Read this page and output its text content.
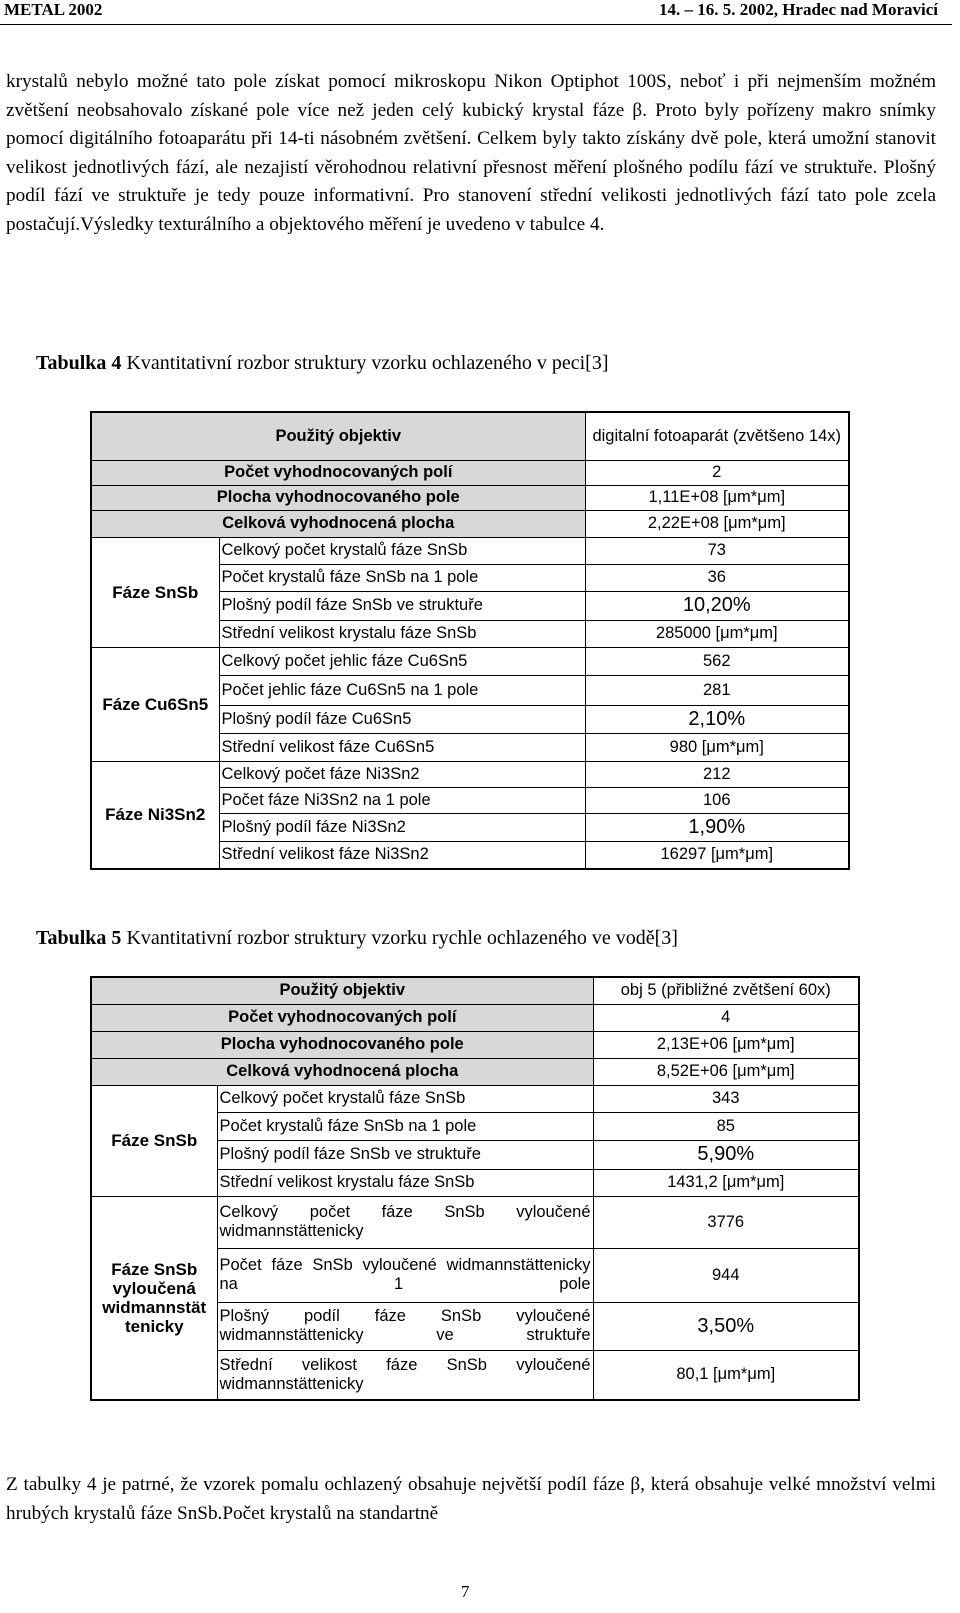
METAL 2002	14. – 16. 5. 2002, Hradec nad Moravicí

krystalů nebylo možné tato pole získat pomocí mikroskopu Nikon Optiphot 100S, neboť i při nejmenším možném zvětšení neobsahovalo získané pole více než jeden celý kubický krystal fáze β. Proto byly pořízeny makro snímky pomocí digitálního fotoaparátu při 14-ti násobném zvětšení. Celkem byly takto získány dvě pole, která umožní stanovit velikost jednotlivých fází, ale nezajistí věrohodnou relativní přesnost měření plošného podílu fází ve struktuře. Plošný podíl fází ve struktuře je tedy pouze informativní. Pro stanovení střední velikosti jednotlivých fází tato pole zcela postačují.Výsledky texturálního a objektového měření je uvedeno v tabulce 4.

Tabulka 4 Kvantitativní rozbor struktury vzorku ochlazeného v peci[3]
Použitý objektiv		digitalní fotoaparát (zvětšeno 14x)
Počet vyhodnocovaných polí		2
Plocha vyhodnocovaného pole		1,11E+08 [μm*μm]
Celková vyhodnocená plocha		2,22E+08 [μm*μm]
Fáze SnSb	Celkový počet krystalů fáze SnSb	73
	Počet krystalů fáze SnSb na 1 pole	36
	Plošný podíl fáze SnSb ve struktuře	10,20%
	Střední velikost krystalu fáze SnSb	285000 [μm*μm]
Fáze Cu6Sn5	Celkový počet jehlic fáze Cu6Sn5	562
	Počet jehlic fáze Cu6Sn5 na 1 pole	281
	Plošný podíl fáze Cu6Sn5	2,10%
	Střední velikost fáze Cu6Sn5	980 [μm*μm]
Fáze Ni3Sn2	Celkový počet fáze Ni3Sn2	212
	Počet fáze Ni3Sn2 na 1 pole	106
	Plošný podíl fáze Ni3Sn2	1,90%
	Střední velikost fáze Ni3Sn2	16297 [μm*μm]
Tabulka 5 Kvantitativní rozbor struktury vzorku rychle ochlazeného ve vodě[3]
Použitý objektiv		obj 5 (přibližné zvětšení 60x)
Počet vyhodnocovaných polí		4
Plocha vyhodnocovaného pole		2,13E+06 [μm*μm]
Celková vyhodnocená plocha		8,52E+06 [μm*μm]
Fáze SnSb	Celkový počet krystalů fáze SnSb	343
	Počet krystalů fáze SnSb na 1 pole	85
	Plošný podíl fáze SnSb ve struktuře	5,90%
	Střední velikost krystalu fáze SnSb	1431,2 [μm*μm]
Fáze SnSb vyloučená widmannstät tenicky	Celkový počet fáze SnSb vyloučené widmannstättenicky	3776
	Počet fáze SnSb vyloučené widmannstättenicky na 1 pole	944
	Plošný podíl fáze SnSb vyloučené widmannstättenicky ve struktuře	3,50%
	Střední velikost fáze SnSb vyloučené widmannstättenicky	80,1 [μm*μm]

Z tabulky 4 je patrné, že vzorek pomalu ochlazený obsahuje největší podíl fáze β, která obsahuje velké množství velmi hrubých krystalů fáze SnSb.Počet krystalů na standartně

7
